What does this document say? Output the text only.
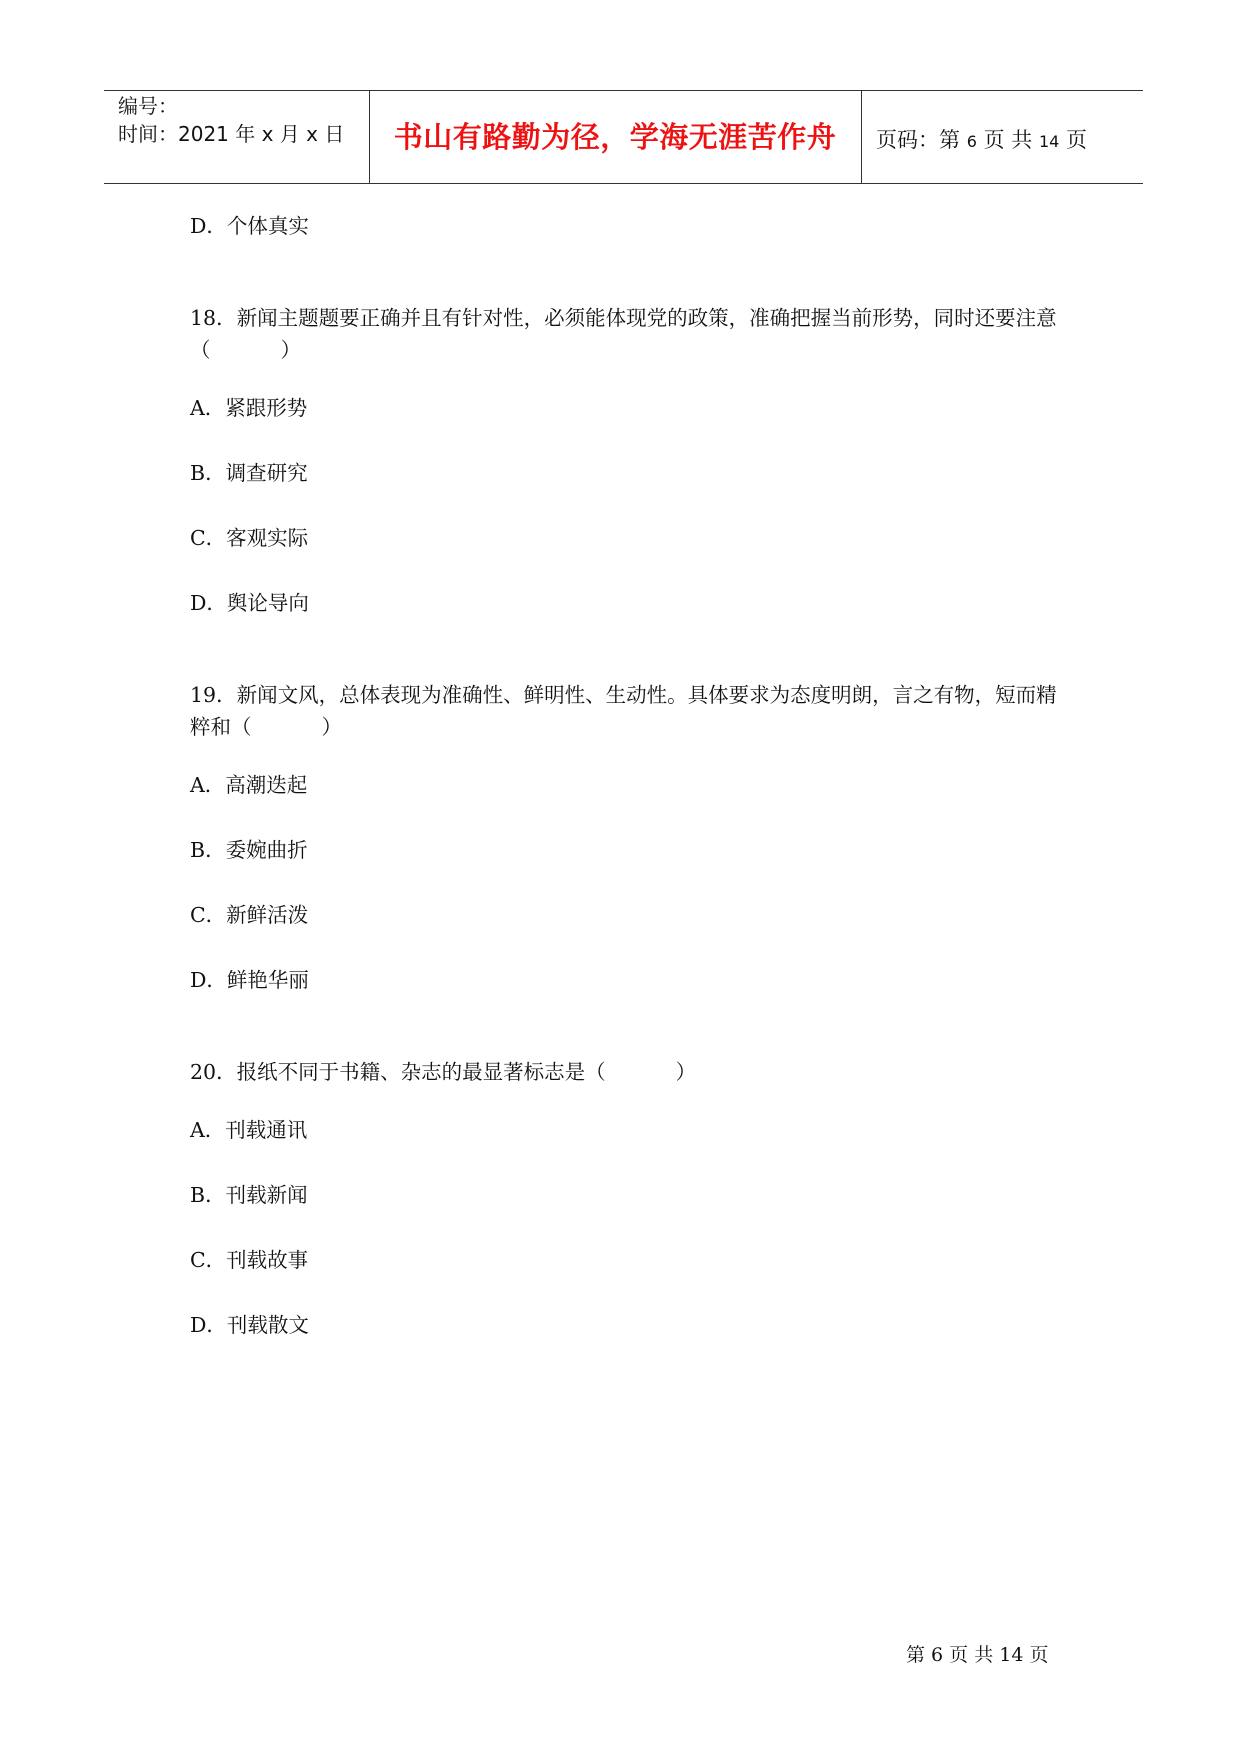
编号：
时间：2021 年 x 月 x 日	书山有路勤为径，学海无涯苦作舟	页码：第 6 页 共 14 页
D．个体真实
18．新闻主题题要正确并且有针对性，必须能体现党的政策，准确把握当前形势，同时还要注意（	）
A．紧跟形势
B．调查研究
C．客观实际
D．舆论导向
19．新闻文风，总体表现为准确性、鲜明性、生动性。具体要求为态度明朗，言之有物，短而精粹和（	）
A．高潮迭起
B．委婉曲折
C．新鲜活泼
D．鲜艳华丽
20．报纸不同于书籍、杂志的最显著标志是（	）
A．刊载通讯
B．刊载新闻
C．刊载故事
D．刊载散文
第 6 页 共 14 页
